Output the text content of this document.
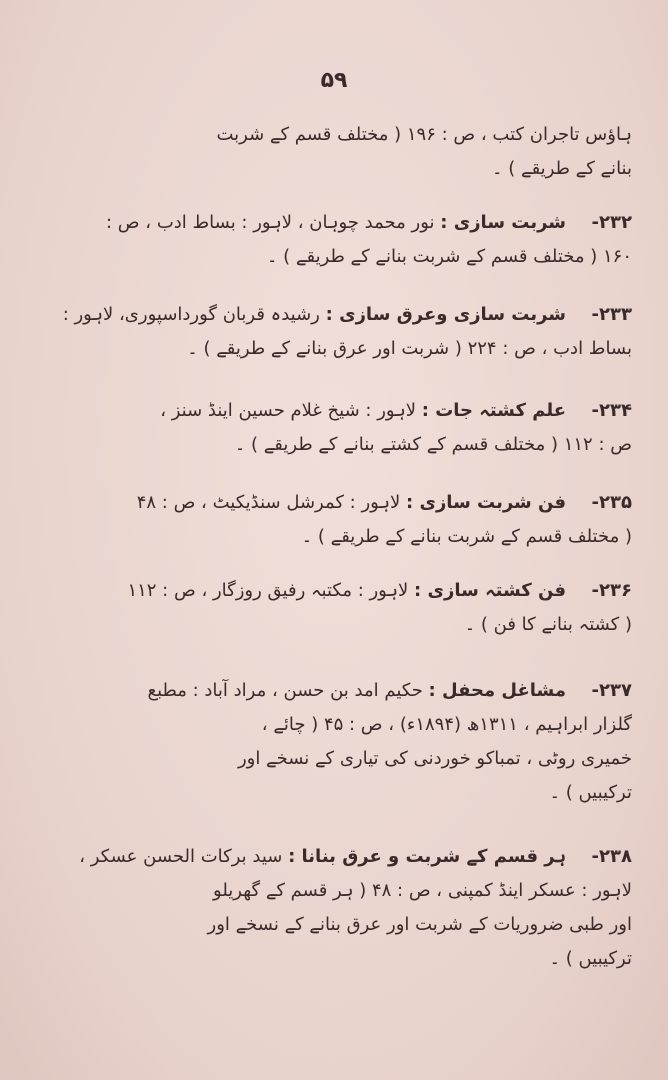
۵۹
ہاؤس تاجران کتب ، ص : ۱۹۶ ( مختلف قسم کے شربت
بنانے کے طریقے ) ۔
۲۳۲-شربت سازی : نور محمد چوہان ، لاہور : بساط ادب ، ص :
۱۶۰ ( مختلف قسم کے شربت بنانے کے طریقے ) ۔
۲۳۳-شربت سازی وعرق سازی : رشیدہ قربان گورداسپوری، لاہور :
بساط ادب ، ص : ۲۲۴ ( شربت اور عرق بنانے کے طریقے ) ۔
۲۳۴-علم کشتہ جات : لاہور : شیخ غلام حسین اینڈ سنز ،
ص : ۱۱۲ ( مختلف قسم کے کشتے بنانے کے طریقے ) ۔
۲۳۵-فن شربت سازی : لاہور : کمرشل سنڈیکیٹ ، ص : ۴۸
( مختلف قسم کے شربت بنانے کے طریقے ) ۔
۲۳۶-فن کشتہ سازی : لاہور : مکتبہ رفیق روزگار ، ص : ۱۱۲
( کشتہ بنانے کا فن ) ۔
۲۳۷-مشاغل محفل : حکیم امد بن حسن ، مراد آباد : مطبع
گلزار ابراہیم ، ۱۳۱۱ھ (۱۸۹۴ء) ، ص : ۴۵ ( چائے ،
خمیری روٹی ، تمباکو خوردنی کی تیاری کے نسخے اور
ترکیبیں ) ۔
۲۳۸-ہر قسم کے شربت و عرق بنانا : سید برکات الحسن عسکر ،
لاہور : عسکر اینڈ کمپنی ، ص : ۴۸ ( ہر قسم کے گھریلو
اور طبی ضروریات کے شربت اور عرق بنانے کے نسخے اور
ترکیبیں ) ۔
